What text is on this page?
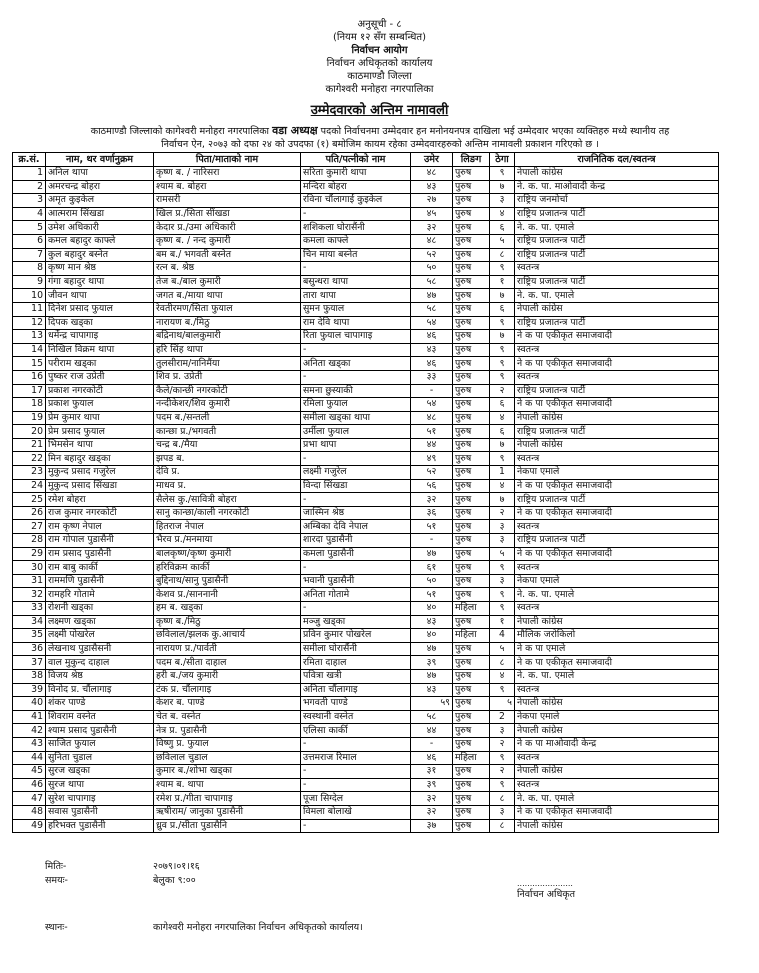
अनुसूची - ८
(नियम १२ सँग सम्बन्धित)
निर्वाचन आयोग
निर्वाचन अधिकृतको कार्यालय
काठमाण्डौ जिल्ला
कागेश्वरी मनोहरा नगरपालिका
उम्मेदवारको अन्तिम नामावली
काठमाण्डौ जिल्लाको कागेश्वरी मनोहरा नगरपालिका वडा अध्यक्ष पदको निर्वाचनमा उम्मेदवार हन मनोनयनपत्र दाखिला भई उम्मेदवार भएका व्यक्तिहरु मध्ये स्थानीय तह
निर्वाचन ऐन, २०७३ को दफा २४ को उपदफा (१) बमोजिम कायम रहेका उम्मेदवारहरुको अन्तिम नामावली प्रकाशन गरिएको छ ।
क्र.सं.	नाम, थर वर्णानुक्रम	पिता/माताको नाम	पति/पत्नीको नाम	उमेर	लिङग	ठेगा	राजनितिक दल/स्वतन्त्र
1	अनिल थापा	कृष्ण ब. / नारिसरा	सरिता कुमारी थापा	४८	पुरुष	९	नेपाली कांग्रेस
2	अमरचन्द्र बोहरा	श्याम ब. बोहरा	मन्दिरा बोहरा	४३	पुरुष	७	ने. क. पा. माओवादी केन्द्र
3	अमृत कुइकेल	रामसरी	रविना चौंलागाई कुइकेल	२७	पुरुष	३	राष्ट्रिय जनमोर्चा
4	आत्मराम सिंखडा	खिल प्र./सिता सींखडा	-	४५	पुरुष	४	राष्ट्रिय प्रजातन्त्र पार्टी
5	उमेश अधिकारी	केदार प्र./उमा अधिकारी	शशिकला घोरासैंनी	३२	पुरुष	६	ने. क. पा. एमाले
6	कमल बहादुर काफ्ले	कृष्ण ब. / नन्द कुमारी	कमला काफ्ले	४८	पुरुष	५	राष्ट्रिय प्रजातन्त्र पार्टी
7	कुल बहादुर बस्नेत	बम ब./ भगवती बस्नेत	चिन माया बस्नेत	५२	पुरुष	८	राष्ट्रिय प्रजातन्त्र पार्टी
8	कृष्ण मान श्रेष्ठ	रत्न ब. श्रेष्ठ	-	५०	पुरुष	९	स्वतन्त्र
9	गंगा बहादुर थापा	तेज ब./बाल कुमारी	बसुन्धरा थापा	५८	पुरुष	१	राष्ट्रिय प्रजातन्त्र पार्टी
10	जीवन थापा	जगत ब./माया थापा	तारा थापा	४७	पुरुष	७	ने. क. पा. एमाले
11	दिनेश प्रसाद फुयाल	रेवतीरमण/सिता फुयाल	सुमन फुयाल	५८	पुरुष	६	नेपाली कांग्रेस
12	दिपक खड्का	नारायण ब./मिठु	राम देवि थापा	५४	पुरुष	९	राष्ट्रिय प्रजातन्त्र पार्टी
13	धर्मेन्द्र चापागाइ	बद्रिनाथ/बालकुमारी	रिता फुयाल चापागाइ	४६	पुरुष	७	ने क पा एकीकृत समाजवादी
14	निखिल विक्रम थापा	हरि सिंह थापा	-	४३	पुरुष	९	स्वतन्त्र
15	परीराम खड्का	तुलसीराम/नानिमैंया	अनिता खड्का	४६	पुरुष	९	ने क पा एकीकृत समाजवादी
16	पुष्कर राज उप्रेती	शिव प्र. उप्रेती	-	३३	पुरुष	९	स्वतन्त्र
17	प्रकाश नगरकोटी	कैले/कान्छी नगरकोटी	समना छुस्याकी	-	पुरुष	२	राष्ट्रिय प्रजातन्त्र पार्टी
18	प्रकाश फुयाल	नन्दीकेशर/शिव कुमारी	रमिला फुयाल	५४	पुरुष	६	ने क पा एकीकृत समाजवादी
19	प्रेम कुमार थापा	पदम ब./सन्तली	समीला खड्का थापा	४८	पुरुष	४	नेपाली कांग्रेस
20	प्रेम प्रसाद फुयाल	कान्छा प्र./भगवती	उर्मीला फुयाल	५१	पुरुष	६	राष्ट्रिय प्रजातन्त्र पार्टी
21	भिमसेन थापा	चन्द्र ब./मैया	प्रभा थापा	४४	पुरुष	७	नेपाली कांग्रेस
22	मिन बहादुर खड्का	झपड ब.	-	४९	पुरुष	९	स्वतन्त्र
23	मुकुन्द प्रसाद गजुरेल	देवि प्र.	लक्ष्मी गजुरेल	५२	पुरुष	1	नेकपा एमाले
24	मुकुन्द प्रसाद सिंखडा	माधव प्र.	विन्दा सिंखडा	५६	पुरुष	४	ने क पा एकीकृत समाजवादी
25	रमेश बोहरा	सैलेस कु./सावित्री बोहरा	-	३२	पुरुष	७	राष्ट्रिय प्रजातन्त्र पार्टी
26	राज कुमार नगरकोटी	सानु कान्छा/काली नगरकोटी	जास्मिन श्रेष्ठ	३६	पुरुष	२	ने क पा एकीकृत समाजवादी
27	राम कृष्ण नेपाल	हितराज नेपाल	अम्बिका देवि नेपाल	५१	पुरुष	३	स्वतन्त्र
28	राम गोपाल पुडासैनी	भैरव प्र./मनमाया	शारदा पुडासैनी	-	पुरुष	३	राष्ट्रिय प्रजातन्त्र पार्टी
29	राम प्रसाद पुडासैनी	बालकृष्ण/कृष्ण कुमारी	कमला पुडासैनी	४७	पुरुष	५	ने क पा एकीकृत समाजवादी
30	राम बाबु कार्की	हरिविक्रम कार्की	-	६१	पुरुष	९	स्वतन्त्र
31	राममणि पुडासैनी	बुद्दिनाथ/सानु पुडासैनी	भवानी पुडासैनी	५०	पुरुष	३	नेकपा एमाले
32	रामहरि गोतामे	केशव प्र./साननानी	अनिता गोतामे	५१	पुरुष	९	ने. क. पा. एमाले
33	रोशनी खड्का	हम ब. खड्का	-	४०	महिला	९	स्वतन्त्र
34	लक्ष्मण खड्का	कृष्ण ब./मिठु	मञ्जु खड्का	४३	पुरुष	१	नेपाली कांग्रेस
35	लक्ष्मी पोखरेल	छविलाल/झलक कु.आचार्य	प्रविन कुमार पोखरेल	४०	महिला	4	मौलिक जरोकिलो
36	लेखनाथ पुडासैसनी	नारायण प्र./पार्वती	समीला घोरासैंनी	४७	पुरुष	५	ने क पा एमाले
37	वाल मुकुन्द दाहाल	पदम ब./सीता दाहाल	रमिता दाहाल	३९	पुरुष	८	ने क पा एकीकृत समाजवादी
38	विजय श्रेष्ठ	हरी ब./जय कुमारी	पवित्रा खत्री	४७	पुरुष	४	ने. क. पा. एमाले
39	विनोद प्र. चौंलागाइ	टंक प्र. चौंलागाइ	अनिता चौंलागाइ	४३	पुरुष	९	स्वतन्त्र
40	शंकर पाण्डे	केशर ब. पाण्डे	भगवती पाण्डे	५९	पुरुष	५	नेपाली कांग्रेस
41	शिवराम वस्नेत	चेत ब. वस्नेत	स्वस्थानी वस्नेत	५८	पुरुष	2	नेकपा एमाले
42	श्याम प्रसाद पुडासैनी	नेत्र प्र. पुडासैनी	एलिसा कार्की	४४	पुरुष	३	नेपाली कांग्रेस
43	साजित फुयाल	विष्णु प्र. फुयाल	-	-	पुरुष	२	ने क पा माओवादी केन्द्र
44	सुनिता चुडाल	छविलाल चुडाल	उत्तमराज रिमाल	४६	महिला	९	स्वतन्त्र
45	सुरज खड्का	कुमार ब./शोभा खड्का	-	३१	पुरुष	२	नेपाली कांग्रेस
46	सुरज थापा	श्याम ब. थापा	-	३९	पुरुष	९	स्वतन्त्र
47	सुरेश चापागाइ	रमेश प्र./गीता चापागाइ	पूजा सिग्देल	३२	पुरुष	८	ने. क. पा. एमाले
48	सवास पुडासैनी	ऋषीराम/ जानुका पुडासैनी	विमला बोलाखे	३२	पुरुष	३	ने क पा एकीकृत समाजवादी
49	हरिभक्त पुडासैनी	ध्रुव प्र./सीता पुडासैनि	-	३७	पुरुष	८	नेपाली कांग्रेस
मितिः-	२०७९।०१।१६
समयः-	बेलुका ९:००	......................
निर्वाचन अधिकृत
स्थानः-	कागेश्वरी मनोहरा नगरपालिका निर्वाचन अधिकृतको कार्यालय।
